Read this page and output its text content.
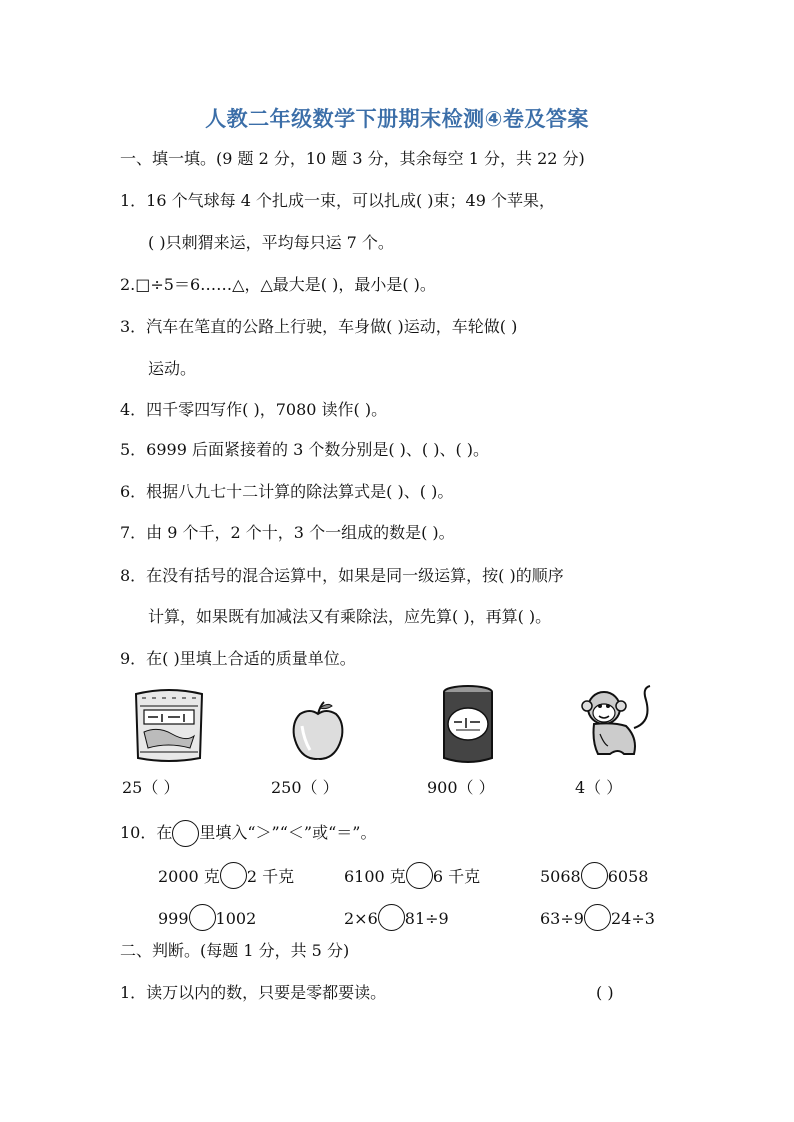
人教二年级数学下册期末检测④卷及答案
一、填一填。(9 题 2 分，10 题 3 分，其余每空 1 分，共 22 分)
1．16 个气球每 4 个扎成一束，可以扎成( )束；49 个苹果，
( )只刺猬来运，平均每只运 7 个。
2.□÷5＝6……△，△最大是( )，最小是( )。
3．汽车在笔直的公路上行驶，车身做( )运动，车轮做( )
运动。
4．四千零四写作( )，7080 读作( )。
5．6999 后面紧接着的 3 个数分别是( )、( )、( )。
6．根据八九七十二计算的除法算式是( )、( )。
7．由 9 个千，2 个十，3 个一组成的数是( )。
8．在没有括号的混合运算中，如果是同一级运算，按( )的顺序
计算，如果既有加减法又有乘除法，应先算( )，再算( )。
9．在( )里填上合适的质量单位。
25（ ）	250（ ）	900（ ）	4（ ）
10．在 里填入“＞”“＜”或“＝”。
2000 克 2 千克	6100 克 6 千克	5068 6058
999 1002	2×6 81÷9	63÷9 24÷3
二、判断。(每题 1 分，共 5 分)
1．读万以内的数，只要是零都要读。	( )
